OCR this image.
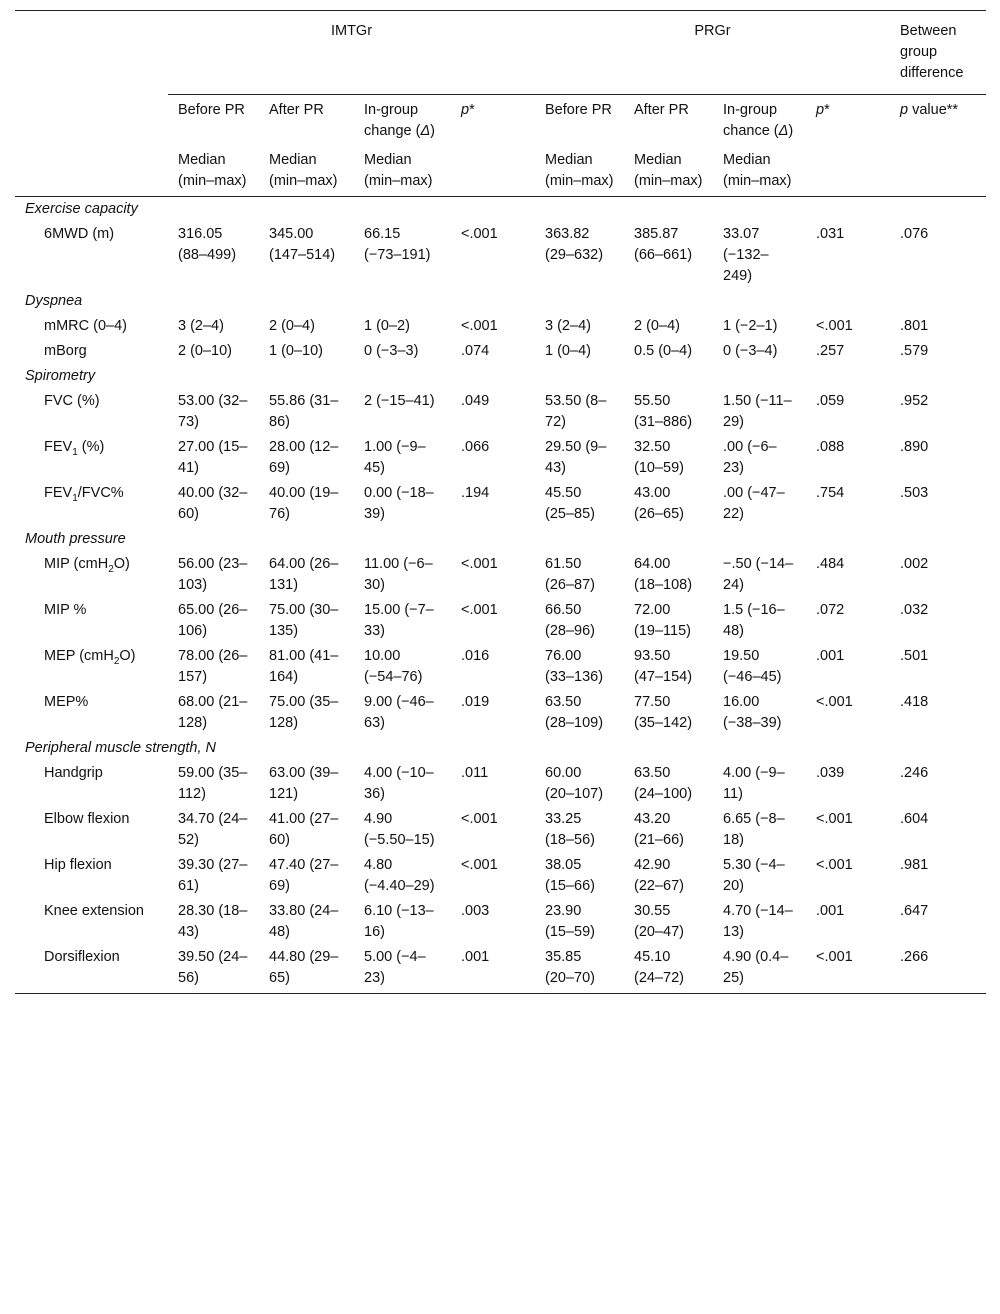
	IMTGr				PRGr				Between group difference
	Before PR	After PR	In-group change (Δ)	p*	Before PR	After PR	In-group chance (Δ)	p*	p value**
	Median (min–max)	Median (min–max)	Median (min–max)		Median (min–max)	Median (min–max)	Median (min–max)		
Exercise capacity									
6MWD (m)	316.05 (88–499)	345.00 (147–514)	66.15 (−73–191)	<.001	363.82 (29–632)	385.87 (66–661)	33.07 (−132–249)	.031	.076
Dyspnea									
mMRC (0–4)	3 (2–4)	2 (0–4)	1 (0–2)	<.001	3 (2–4)	2 (0–4)	1 (−2–1)	<.001	.801
mBorg	2 (0–10)	1 (0–10)	0 (−3–3)	.074	1 (0–4)	0.5 (0–4)	0 (−3–4)	.257	.579
Spirometry									
FVC (%)	53.00 (32–73)	55.86 (31–86)	2 (−15–41)	.049	53.50 (8–72)	55.50 (31–886)	1.50 (−11–29)	.059	.952
$FEV_1$ (%)	27.00 (15–41)	28.00 (12–69)	1.00 (−9–45)	.066	29.50 (9–43)	32.50 (10–59)	.00 (−6–23)	.088	.890
$FEV_1/FVC\%$	40.00 (32–60)	40.00 (19–76)	0.00 (−18–39)	.194	45.50 (25–85)	43.00 (26–65)	.00 (−47–22)	.754	.503
Mouth pressure									
MIP (cmH$_2$O)	56.00 (23–103)	64.00 (26–131)	11.00 (−6–30)	<.001	61.50 (26–87)	64.00 (18–108)	−.50 (−14–24)	.484	.002
MIP %	65.00 (26–106)	75.00 (30–135)	15.00 (−7–33)	<.001	66.50 (28–96)	72.00 (19–115)	1.5 (−16–48)	.072	.032
MEP (cmH$_2$O)	78.00 (26–157)	81.00 (41–164)	10.00 (−54–76)	.016	76.00 (33–136)	93.50 (47–154)	19.50 (−46–45)	.001	.501
MEP%	68.00 (21–128)	75.00 (35–128)	9.00 (−46–63)	.019	63.50 (28–109)	77.50 (35–142)	16.00 (−38–39)	<.001	.418
Peripheral muscle strength, N									
Handgrip	59.00 (35–112)	63.00 (39–121)	4.00 (−10–36)	.011	60.00 (20–107)	63.50 (24–100)	4.00 (−9–11)	.039	.246
Elbow flexion	34.70 (24–52)	41.00 (27–60)	4.90 (−5.50–15)	<.001	33.25 (18–56)	43.20 (21–66)	6.65 (−8–18)	<.001	.604
Hip flexion	39.30 (27–61)	47.40 (27–69)	4.80 (−4.40–29)	<.001	38.05 (15–66)	42.90 (22–67)	5.30 (−4–20)	<.001	.981
Knee extension	28.30 (18–43)	33.80 (24–48)	6.10 (−13–16)	.003	23.90 (15–59)	30.55 (20–47)	4.70 (−14–13)	.001	.647
Dorsiflexion	39.50 (24–56)	44.80 (29–65)	5.00 (−4–23)	.001	35.85 (20–70)	45.10 (24–72)	4.90 (0.4–25)	<.001	.266
